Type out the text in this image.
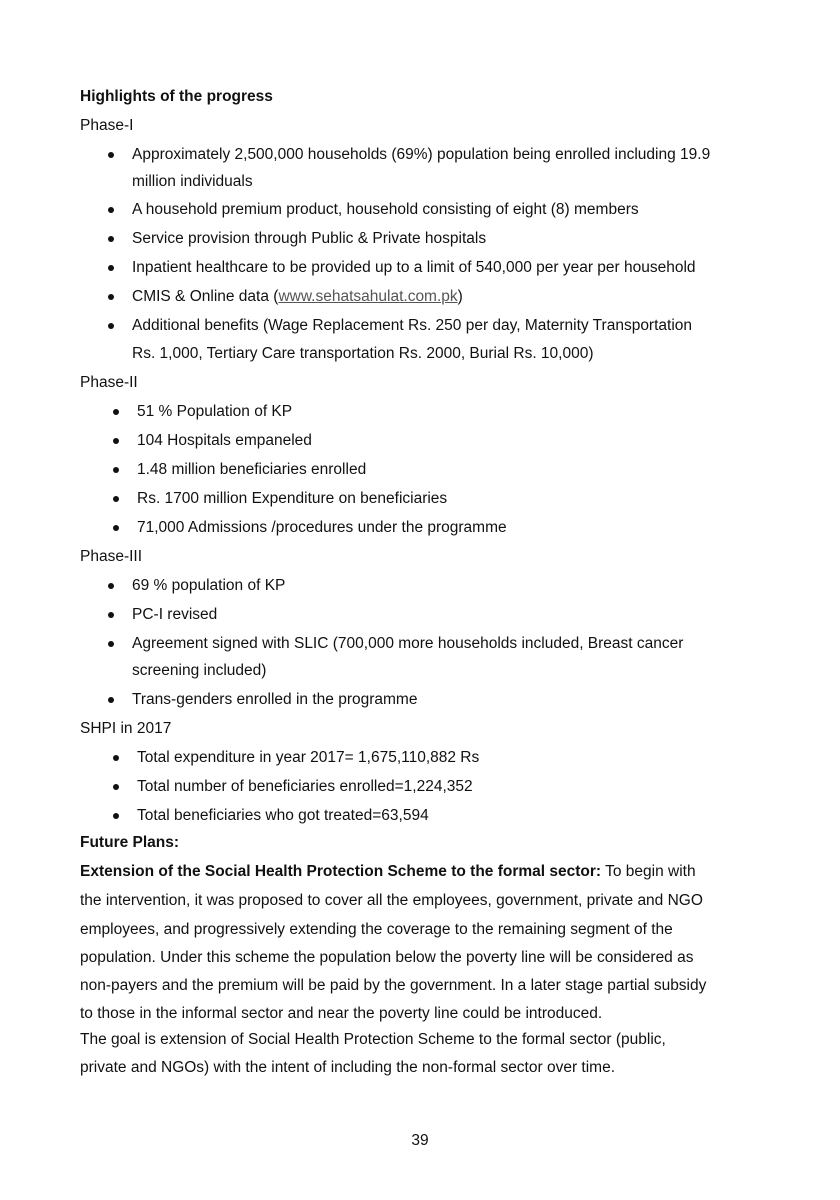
Highlights of the progress
Phase-I
Approximately 2,500,000 households (69%) population being enrolled including 19.9
million individuals
A household premium product, household consisting of eight (8) members
Service provision through Public & Private hospitals
Inpatient healthcare to be provided up to a limit of 540,000 per year per household
CMIS & Online data (www.sehatsahulat.com.pk)
Additional benefits (Wage Replacement Rs. 250 per day, Maternity Transportation
Rs. 1,000, Tertiary Care transportation Rs. 2000, Burial Rs. 10,000)
Phase-II
51 % Population of KP
104 Hospitals empaneled
1.48 million beneficiaries enrolled
Rs. 1700 million Expenditure on beneficiaries
71,000 Admissions /procedures under the programme
Phase-III
69 % population of KP
PC-I revised
Agreement signed with SLIC (700,000 more households included, Breast cancer
screening included)
Trans-genders enrolled in the programme
SHPI in 2017
Total expenditure in year 2017= 1,675,110,882 Rs
Total number of beneficiaries enrolled=1,224,352
Total beneficiaries who got treated=63,594
Future Plans:
Extension of the Social Health Protection Scheme to the formal sector: To begin with
the intervention, it was proposed to cover all the employees, government, private and NGO
employees, and progressively extending the coverage to the remaining segment of the
population. Under this scheme the population below the poverty line will be considered as
non-payers and the premium will be paid by the government. In a later stage partial subsidy
to those in the informal sector and near the poverty line could be introduced.
The goal is extension of Social Health Protection Scheme to the formal sector (public,
private and NGOs) with the intent of including the non-formal sector over time.
39
